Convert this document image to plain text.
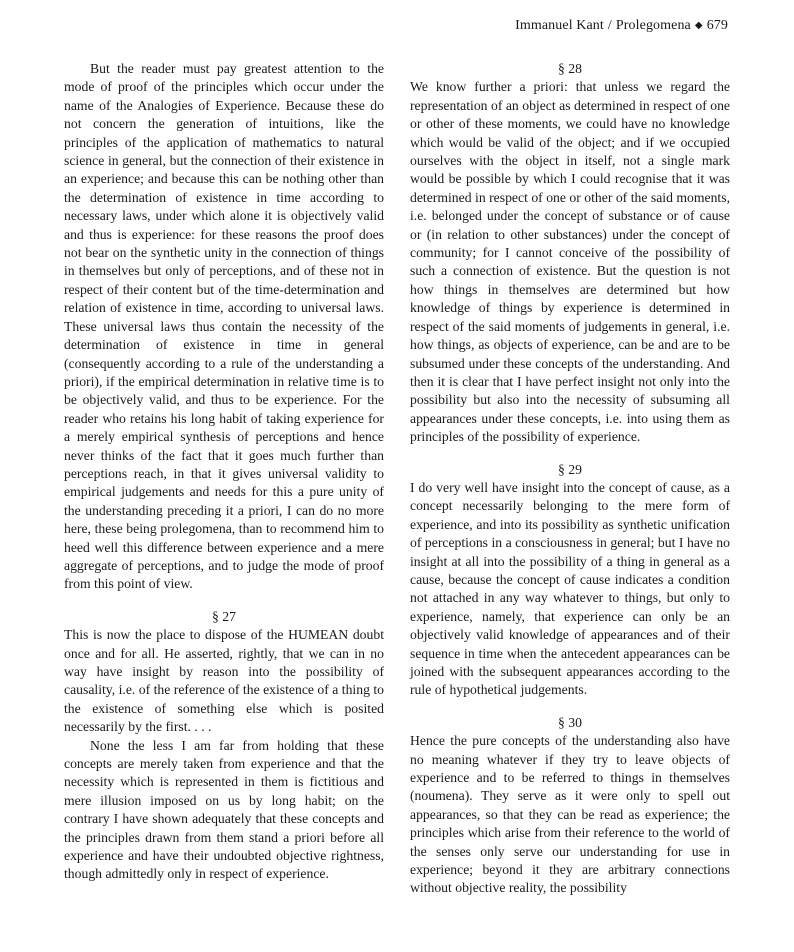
Immanuel Kant / Prolegomena ◆ 679

But the reader must pay greatest attention to the mode of proof of the principles which occur under the name of the Analogies of Experience. Because these do not concern the generation of intuitions, like the principles of the application of mathematics to natural science in general, but the connection of their existence in an experience; and because this can be nothing other than the determination of existence in time according to necessary laws, under which alone it is objectively valid and thus is experience: for these reasons the proof does not bear on the synthetic unity in the connection of things in themselves but only of perceptions, and of these not in respect of their content but of the time-determination and relation of existence in time, according to universal laws. These universal laws thus contain the necessity of the determination of existence in time in general (consequently according to a rule of the understanding a priori), if the empirical determination in relative time is to be objectively valid, and thus to be experience. For the reader who retains his long habit of taking experience for a merely empirical synthesis of perceptions and hence never thinks of the fact that it goes much further than perceptions reach, in that it gives universal validity to empirical judgements and needs for this a pure unity of the understanding preceding it a priori, I can do no more here, these being prolegomena, than to recommend him to heed well this difference between experience and a mere aggregate of perceptions, and to judge the mode of proof from this point of view.

§ 27

This is now the place to dispose of the HUMEAN doubt once and for all. He asserted, rightly, that we can in no way have insight by reason into the possibility of causality, i.e. of the reference of the existence of a thing to the existence of something else which is posited necessarily by the first. . . .

None the less I am far from holding that these concepts are merely taken from experience and that the necessity which is represented in them is fictitious and mere illusion imposed on us by long habit; on the contrary I have shown adequately that these concepts and the principles drawn from them stand a priori before all experience and have their undoubted objective rightness, though admittedly only in respect of experience.

§ 28

We know further a priori: that unless we regard the representation of an object as determined in respect of one or other of these moments, we could have no knowledge which would be valid of the object; and if we occupied ourselves with the object in itself, not a single mark would be possible by which I could recognise that it was determined in respect of one or other of the said moments, i.e. belonged under the concept of substance or of cause or (in relation to other substances) under the concept of community; for I cannot conceive of the possibility of such a connection of existence. But the question is not how things in themselves are determined but how knowledge of things by experience is determined in respect of the said moments of judgements in general, i.e. how things, as objects of experience, can be and are to be subsumed under these concepts of the understanding. And then it is clear that I have perfect insight not only into the possibility but also into the necessity of subsuming all appearances under these concepts, i.e. into using them as principles of the possibility of experience.

§ 29

I do very well have insight into the concept of cause, as a concept necessarily belonging to the mere form of experience, and into its possibility as synthetic unification of perceptions in a consciousness in general; but I have no insight at all into the possibility of a thing in general as a cause, because the concept of cause indicates a condition not attached in any way whatever to things, but only to experience, namely, that experience can only be an objectively valid knowledge of appearances and of their sequence in time when the antecedent appearances can be joined with the subsequent appearances according to the rule of hypothetical judgements.

§ 30

Hence the pure concepts of the understanding also have no meaning whatever if they try to leave objects of experience and to be referred to things in themselves (noumena). They serve as it were only to spell out appearances, so that they can be read as experience; the principles which arise from their reference to the world of the senses only serve our understanding for use in experience; beyond it they are arbitrary connections without objective reality, the possibility
